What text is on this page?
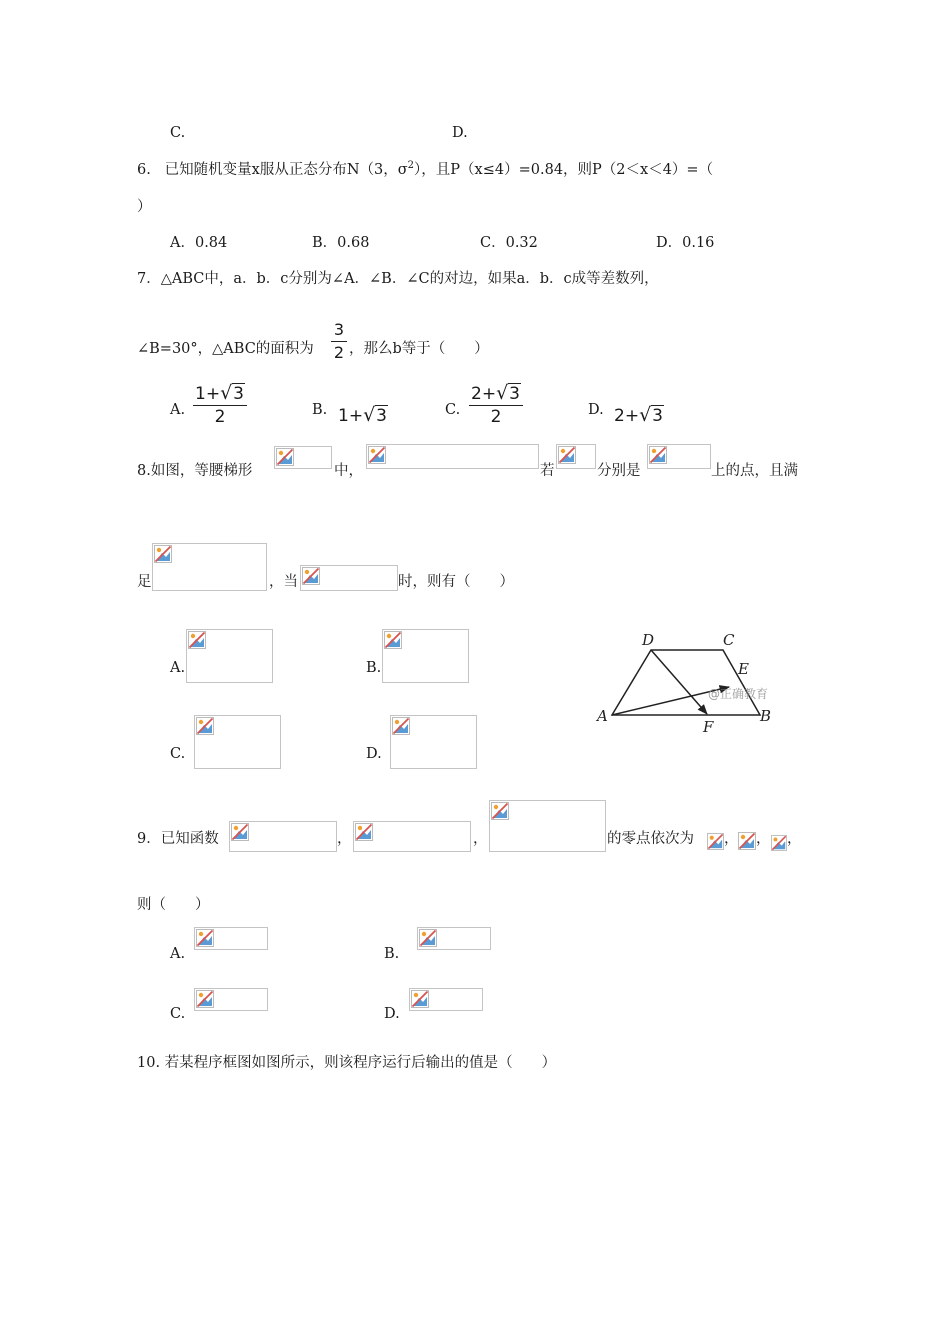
C.	D.
6. 已知随机变量x服从正态分布N（3，$\sigma^2$），且P（x≤4）=0.84，则P（2＜x＜4）=（
）
A．0.84	B．0.68	C．0.32	D．0.16
7．△ABC中，a．b．c分别为∠A．∠B．∠C的对边，如果a．b．c成等差数列，
∠B=30°，△ABC的面积为
3
2 ，那么b等于（　　）
A.
1+√3
2	B. 1+√3	C.
2+√3
2	D. 2+√3
8.如图，等腰梯形	中，	若	分别是	上的点，且满
足	，当	时，则有（　　）
A.	B.
C.	D.
D	C
E
A
F
B
@正确教育
9．已知函数	，	，	的零点依次为 ， ， ，
则（　　）
A.	B.
C.	D.
10. 若某程序框图如图所示，则该程序运行后输出的值是（　　）
